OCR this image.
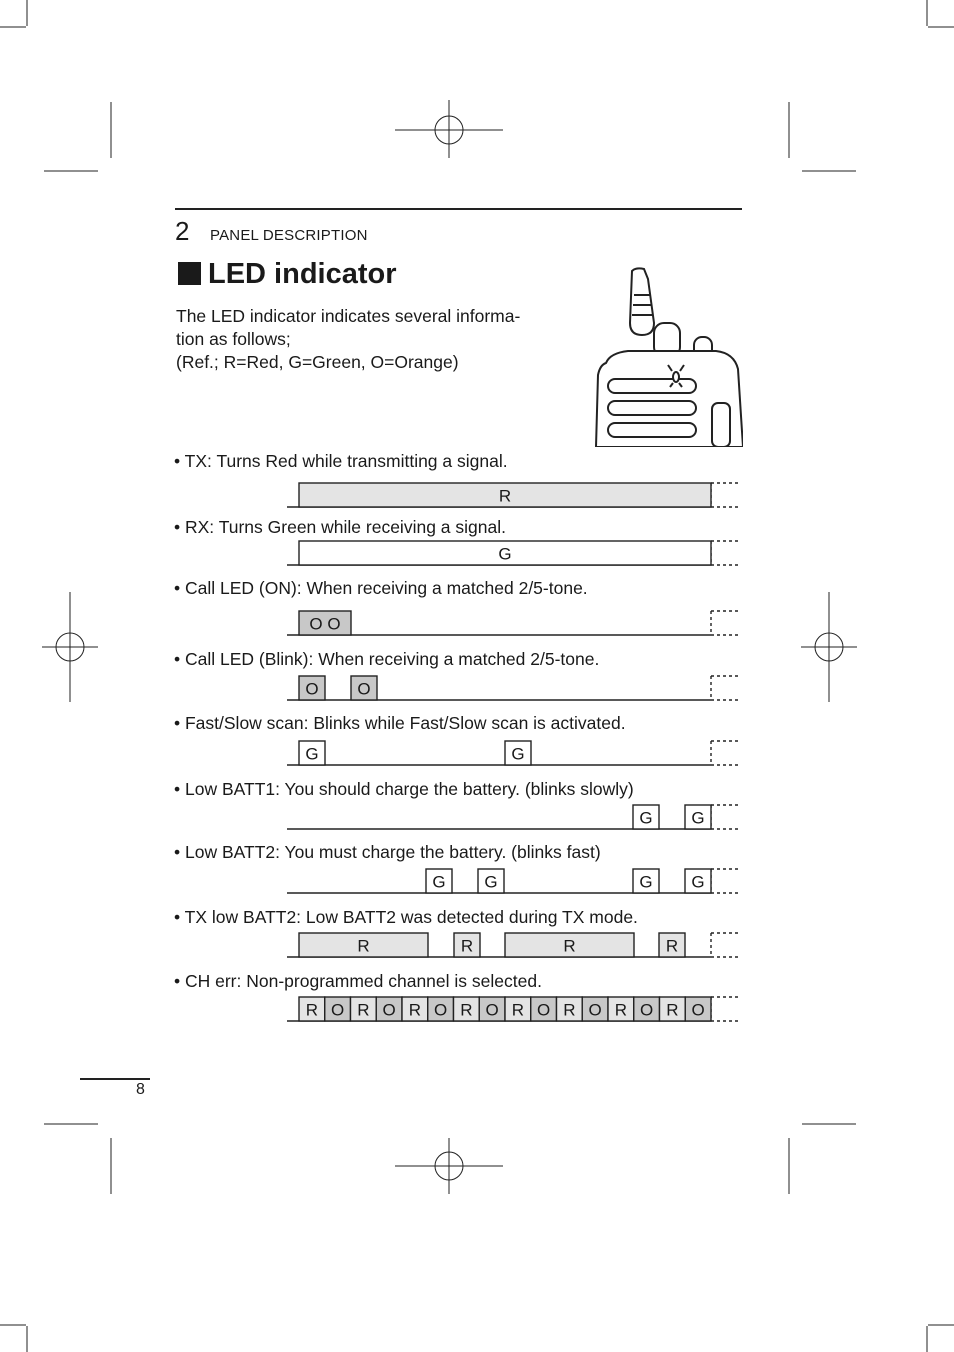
2 PANEL DESCRIPTION
LED indicator
The LED indicator indicates several informa-
tion as follows;
(Ref.; R=Red, G=Green, O=Orange)
• TX: Turns Red while transmitting a signal.
• RX: Turns Green while receiving a signal.
• Call LED (ON): When receiving a matched 2/5-tone.
• Call LED (Blink): When receiving a matched 2/5-tone.
• Fast/Slow scan: Blinks while Fast/Slow scan is activated.
• Low BATT1: You should charge the battery. (blinks slowly)
• Low BATT2: You must charge the battery. (blinks fast)
• TX low BATT2: Low BATT2 was detected during TX mode.
• CH err: Non-programmed channel is selected.
R
G
O O
O O
G	G
G G
G G	G G
R	R	R	R
R O R O R O R O R O R O R O R O
8
